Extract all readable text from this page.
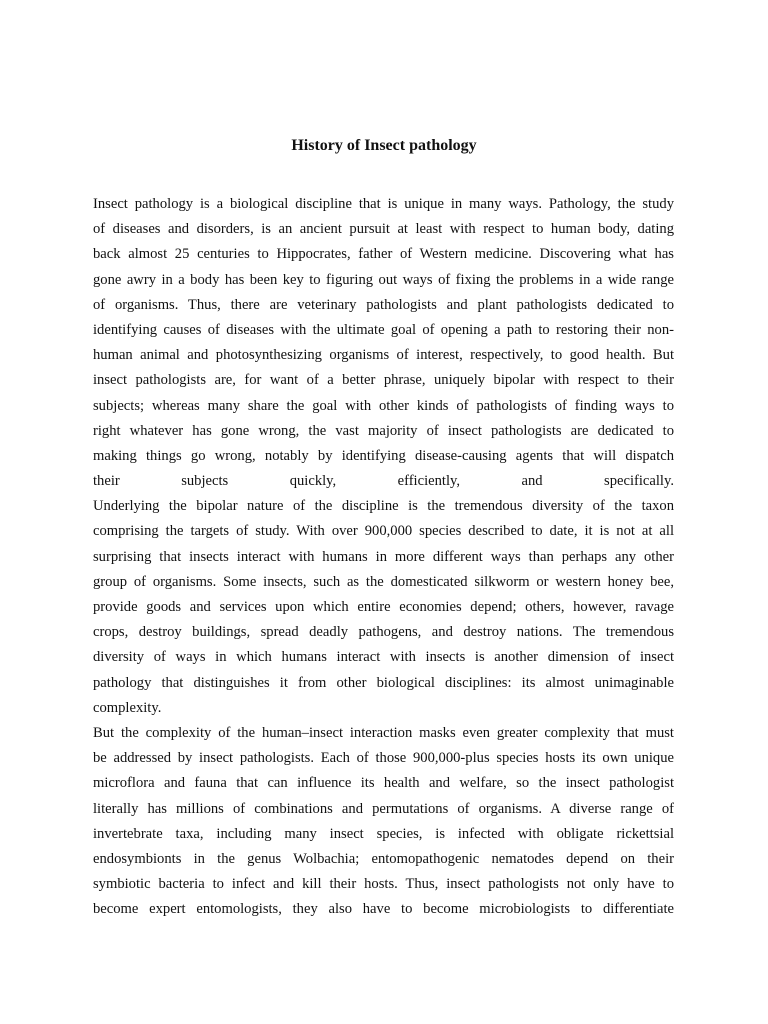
History of Insect pathology
Insect pathology is a biological discipline that is unique in many ways. Pathology, the study
of diseases and disorders, is an ancient pursuit at least with respect to human body, dating
back almost 25 centuries to Hippocrates, father of Western medicine. Discovering what has
gone awry in a body has been key to figuring out ways of fixing the problems in a wide range
of organisms. Thus, there are veterinary pathologists and plant pathologists dedicated to
identifying causes of diseases with the ultimate goal of opening a path to restoring their non-
human animal and photosynthesizing organisms of interest, respectively, to good health. But
insect pathologists are, for want of a better phrase, uniquely bipolar with respect to their
subjects; whereas many share the goal with other kinds of pathologists of finding ways to
right whatever has gone wrong, the vast majority of insect pathologists are dedicated to
making things go wrong, notably by identifying disease-causing agents that will dispatch
their subjects quickly, efficiently, and specifically.
Underlying the bipolar nature of the discipline is the tremendous diversity of the taxon
comprising the targets of study. With over 900,000 species described to date, it is not at all
surprising that insects interact with humans in more different ways than perhaps any other
group of organisms. Some insects, such as the domesticated silkworm or western honey bee,
provide goods and services upon which entire economies depend; others, however, ravage
crops, destroy buildings, spread deadly pathogens, and destroy nations. The tremendous
diversity of ways in which humans interact with insects is another dimension of insect
pathology that distinguishes it from other biological disciplines: its almost unimaginable
complexity.
But the complexity of the human–insect interaction masks even greater complexity that must
be addressed by insect pathologists. Each of those 900,000-plus species hosts its own unique
microflora and fauna that can influence its health and welfare, so the insect pathologist
literally has millions of combinations and permutations of organisms. A diverse range of
invertebrate taxa, including many insect species, is infected with obligate rickettsial
endosymbionts in the genus Wolbachia; entomopathogenic nematodes depend on their
symbiotic bacteria to infect and kill their hosts. Thus, insect pathologists not only have to
become expert entomologists, they also have to become microbiologists to differentiate
